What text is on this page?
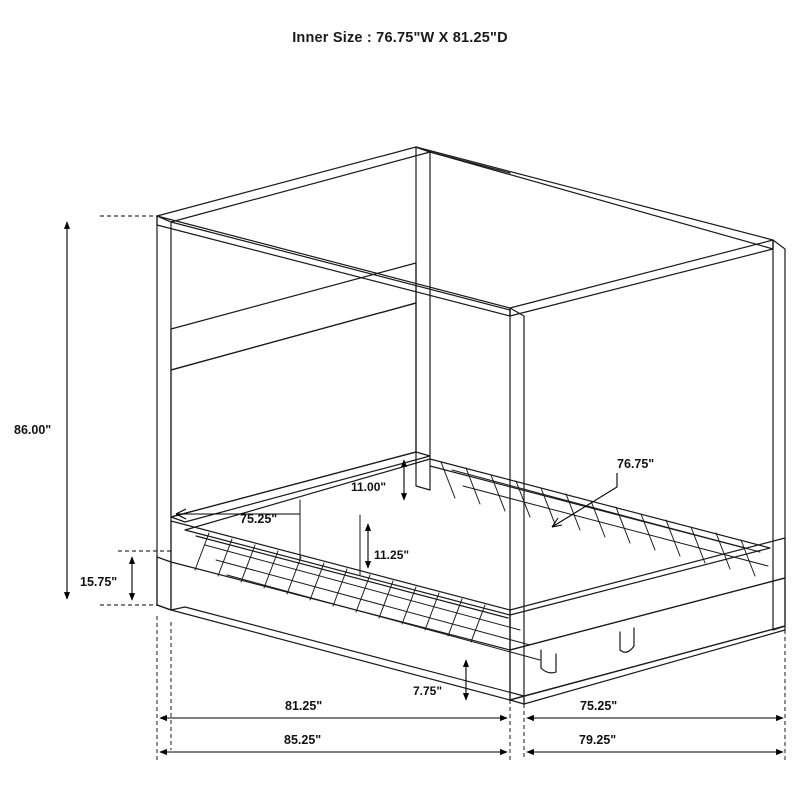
Inner Size : 76.75"W X 81.25"D
86.00"
15.75"
11.00"
75.25"
11.25"
7.75"
76.75"
81.25"	75.25"
85.25"	79.25"
